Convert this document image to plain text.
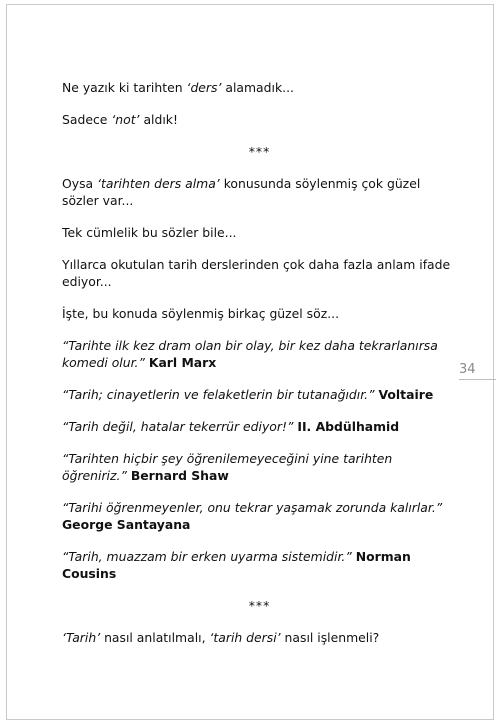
Ne yazık ki tarihten ‘ders’ alamadık...

Sadece ‘not’ aldık!

***

Oysa ‘tarihten ders alma’ konusunda söylenmiş çok güzel sözler var...

Tek cümlelik bu sözler bile...

Yıllarca okutulan tarih derslerinden çok daha fazla anlam ifade ediyor...

İşte, bu konuda söylenmiş birkaç güzel söz...

“Tarihte ilk kez dram olan bir olay, bir kez daha tekrarlanırsa komedi olur.” Karl Marx

“Tarih; cinayetlerin ve felaketlerin bir tutanağıdır.” Voltaire

“Tarih değil, hatalar tekerrür ediyor!” II. Abdülhamid

“Tarihten hiçbir şey öğrenilemeyeceğini yine tarihten öğreniriz.” Bernard Shaw

“Tarihi öğrenmeyenler, onu tekrar yaşamak zorunda kalırlar.” George Santayana

“Tarih, muazzam bir erken uyarma sistemidir.” Norman Cousins

***

‘Tarih’ nasıl anlatılmalı, ‘tarih dersi’ nasıl işlenmeli?

34
